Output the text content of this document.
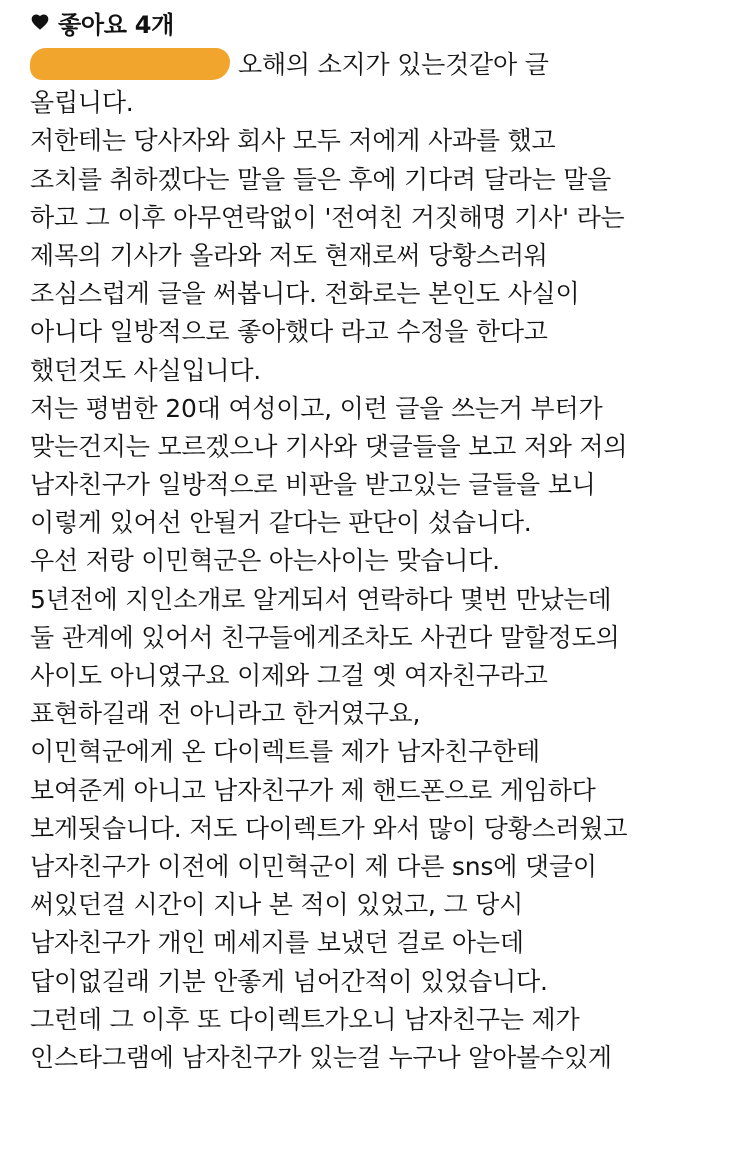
좋아요 4개
오해의 소지가 있는것같아 글
올립니다.
저한테는 당사자와 회사 모두 저에게 사과를 했고
조치를 취하겠다는 말을 들은 후에 기다려 달라는 말을
하고 그 이후 아무연락없이 '전여친 거짓해명 기사' 라는
제목의 기사가 올라와 저도 현재로써 당황스러워
조심스럽게 글을 써봅니다. 전화로는 본인도 사실이
아니다 일방적으로 좋아했다 라고 수정을 한다고
했던것도 사실입니다.
저는 평범한 20대 여성이고, 이런 글을 쓰는거 부터가
맞는건지는 모르겠으나 기사와 댓글들을 보고 저와 저의
남자친구가 일방적으로 비판을 받고있는 글들을 보니
이렇게 있어선 안될거 같다는 판단이 섰습니다.
우선 저랑 이민혁군은 아는사이는 맞습니다.
5년전에 지인소개로 알게되서 연락하다 몇번 만났는데
둘 관계에 있어서 친구들에게조차도 사귄다 말할정도의
사이도 아니였구요 이제와 그걸 옛 여자친구라고
표현하길래 전 아니라고 한거였구요,
이민혁군에게 온 다이렉트를 제가 남자친구한테
보여준게 아니고 남자친구가 제 핸드폰으로 게임하다
보게됫습니다. 저도 다이렉트가 와서 많이 당황스러웠고
남자친구가 이전에 이민혁군이 제 다른 sns에 댓글이
써있던걸 시간이 지나 본 적이 있었고, 그 당시
남자친구가 개인 메세지를 보냈던 걸로 아는데
답이없길래 기분 안좋게 넘어간적이 있었습니다.
그런데 그 이후 또 다이렉트가오니 남자친구는 제가
인스타그램에 남자친구가 있는걸 누구나 알아볼수있게
